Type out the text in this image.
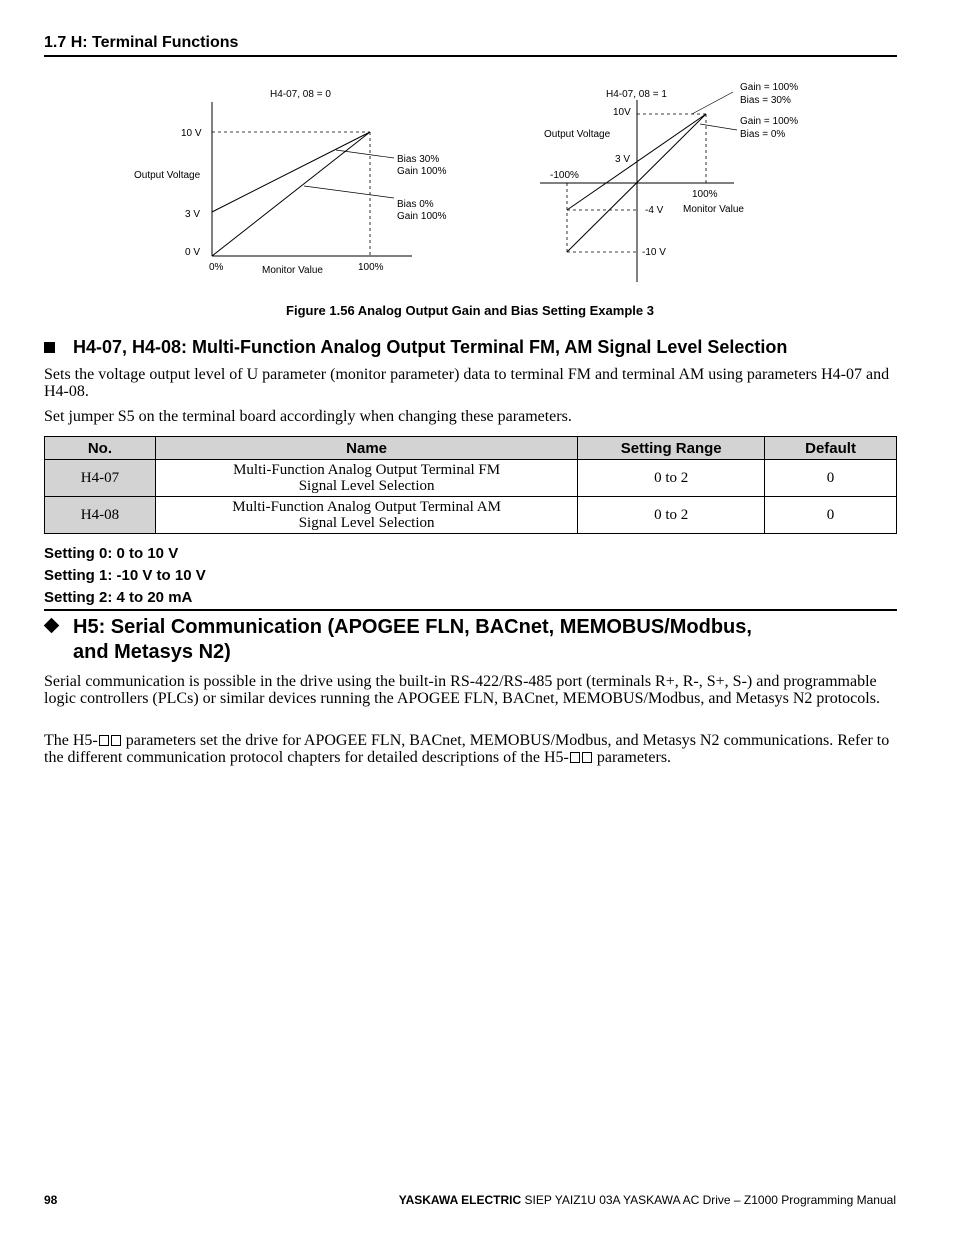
1.7 H: Terminal Functions
H4-07, 08 = 0
10 V
Output Voltage
3 V
0 V
0%	Monitor Value	100%
Bias 30%
Gain 100%
Bias 0%
Gain 100%
H4-07, 08 = 1
10V
Output Voltage
3 V
-100%
100%
Monitor Value
-4 V
-10 V
Gain = 100%
Bias = 30%
Gain = 100%
Bias = 0%
Figure 1.56 Analog Output Gain and Bias Setting Example 3
H4-07, H4-08: Multi-Function Analog Output Terminal FM, AM Signal Level Selection
Sets the voltage output level of U parameter (monitor parameter) data to terminal FM and terminal AM using parameters H4-07 and H4-08.
Set jumper S5 on the terminal board accordingly when changing these parameters.
No.	Name	Setting Range	Default
H4-07	Multi-Function Analog Output Terminal FM
Signal Level Selection	0 to 2	0
H4-08	Multi-Function Analog Output Terminal AM
Signal Level Selection	0 to 2	0
Setting 0: 0 to 10 V
Setting 1: -10 V to 10 V
Setting 2: 4 to 20 mA
H5: Serial Communication (APOGEE FLN, BACnet, MEMOBUS/Modbus,
and Metasys N2)
Serial communication is possible in the drive using the built-in RS-422/RS-485 port (terminals R+, R-, S+, S-) and programmable logic controllers (PLCs) or similar devices running the APOGEE FLN, BACnet, MEMOBUS/Modbus, and Metasys N2 protocols.
The H5- parameters set the drive for APOGEE FLN, BACnet, MEMOBUS/Modbus, and Metasys N2 communications. Refer to the different communication protocol chapters for detailed descriptions of the H5- parameters.
98	YASKAWA ELECTRIC SIEP YAIZ1U 03A YASKAWA AC Drive – Z1000 Programming Manual
